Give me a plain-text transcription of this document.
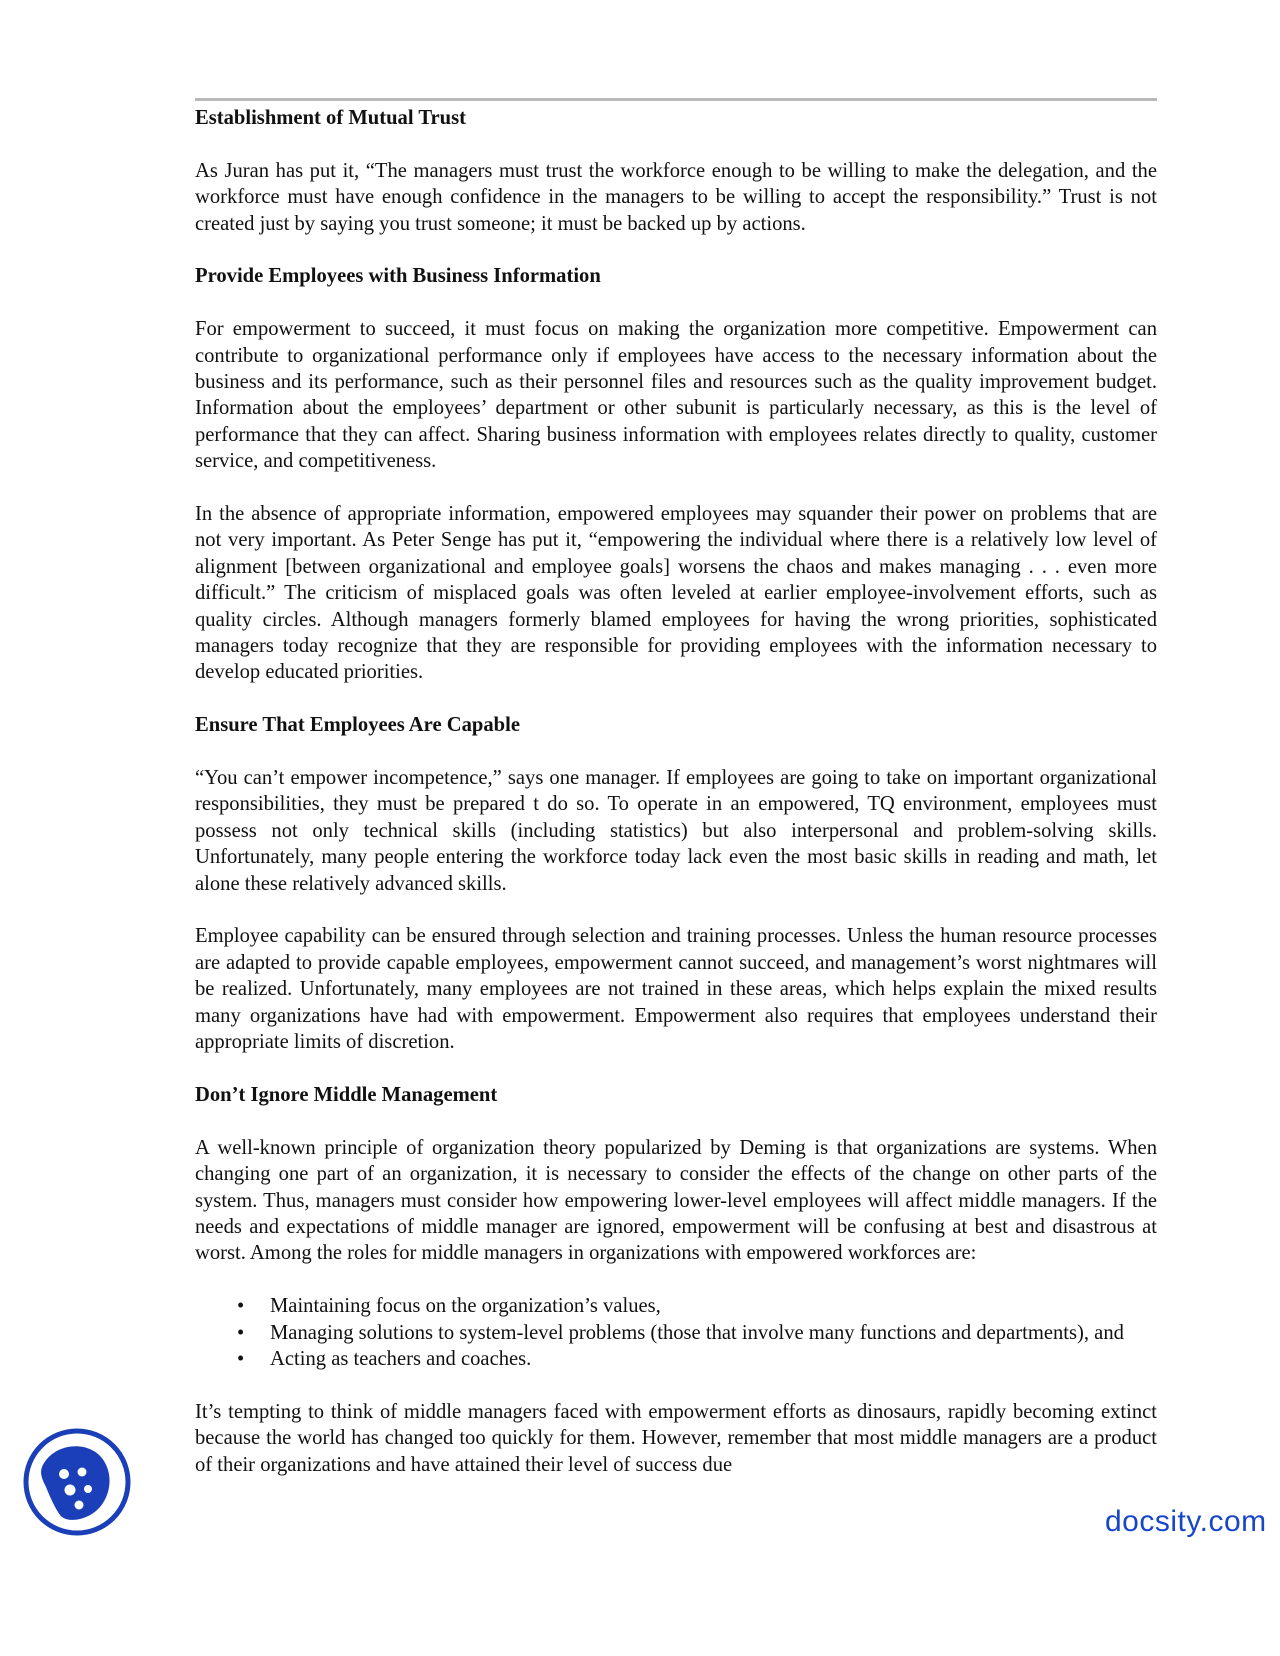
Establishment of Mutual Trust

As Juran has put it, “The managers must trust the workforce enough to be willing to make the delegation, and the workforce must have enough confidence in the managers to be willing to accept the responsibility.” Trust is not created just by saying you trust someone; it must be backed up by actions.

Provide Employees with Business Information

For empowerment to succeed, it must focus on making the organization more competitive. Empowerment can contribute to organizational performance only if employees have access to the necessary information about the business and its performance, such as their personnel files and resources such as the quality improvement budget. Information about the employees’ department or other subunit is particularly necessary, as this is the level of performance that they can affect. Sharing business information with employees relates directly to quality, customer service, and competitiveness.

In the absence of appropriate information, empowered employees may squander their power on problems that are not very important. As Peter Senge has put it, “empowering the individual where there is a relatively low level of alignment [between organizational and employee goals] worsens the chaos and makes managing . . . even more difficult.” The criticism of misplaced goals was often leveled at earlier employee-involvement efforts, such as quality circles. Although managers formerly blamed employees for having the wrong priorities, sophisticated managers today recognize that they are responsible for providing employees with the information necessary to develop educated priorities.

Ensure That Employees Are Capable

“You can’t empower incompetence,” says one manager. If employees are going to take on important organizational responsibilities, they must be prepared t do so. To operate in an empowered, TQ environment, employees must possess not only technical skills (including statistics) but also interpersonal and problem-solving skills. Unfortunately, many people entering the workforce today lack even the most basic skills in reading and math, let alone these relatively advanced skills.

Employee capability can be ensured through selection and training processes. Unless the human resource processes are adapted to provide capable employees, empowerment cannot succeed, and management’s worst nightmares will be realized. Unfortunately, many employees are not trained in these areas, which helps explain the mixed results many organizations have had with empowerment. Empowerment also requires that employees understand their appropriate limits of discretion.

Don’t Ignore Middle Management

A well-known principle of organization theory popularized by Deming is that organizations are systems. When changing one part of an organization, it is necessary to consider the effects of the change on other parts of the system. Thus, managers must consider how empowering lower-level employees will affect middle managers. If the needs and expectations of middle manager are ignored, empowerment will be confusing at best and disastrous at worst. Among the roles for middle managers in organizations with empowered workforces are:

• Maintaining focus on the organization’s values,
• Managing solutions to system-level problems (those that involve many functions and departments), and
• Acting as teachers and coaches.

It’s tempting to think of middle managers faced with empowerment efforts as dinosaurs, rapidly becoming extinct because the world has changed too quickly for them. However, remember that most middle managers are a product of their organizations and have attained their level of success due

docsity.com
